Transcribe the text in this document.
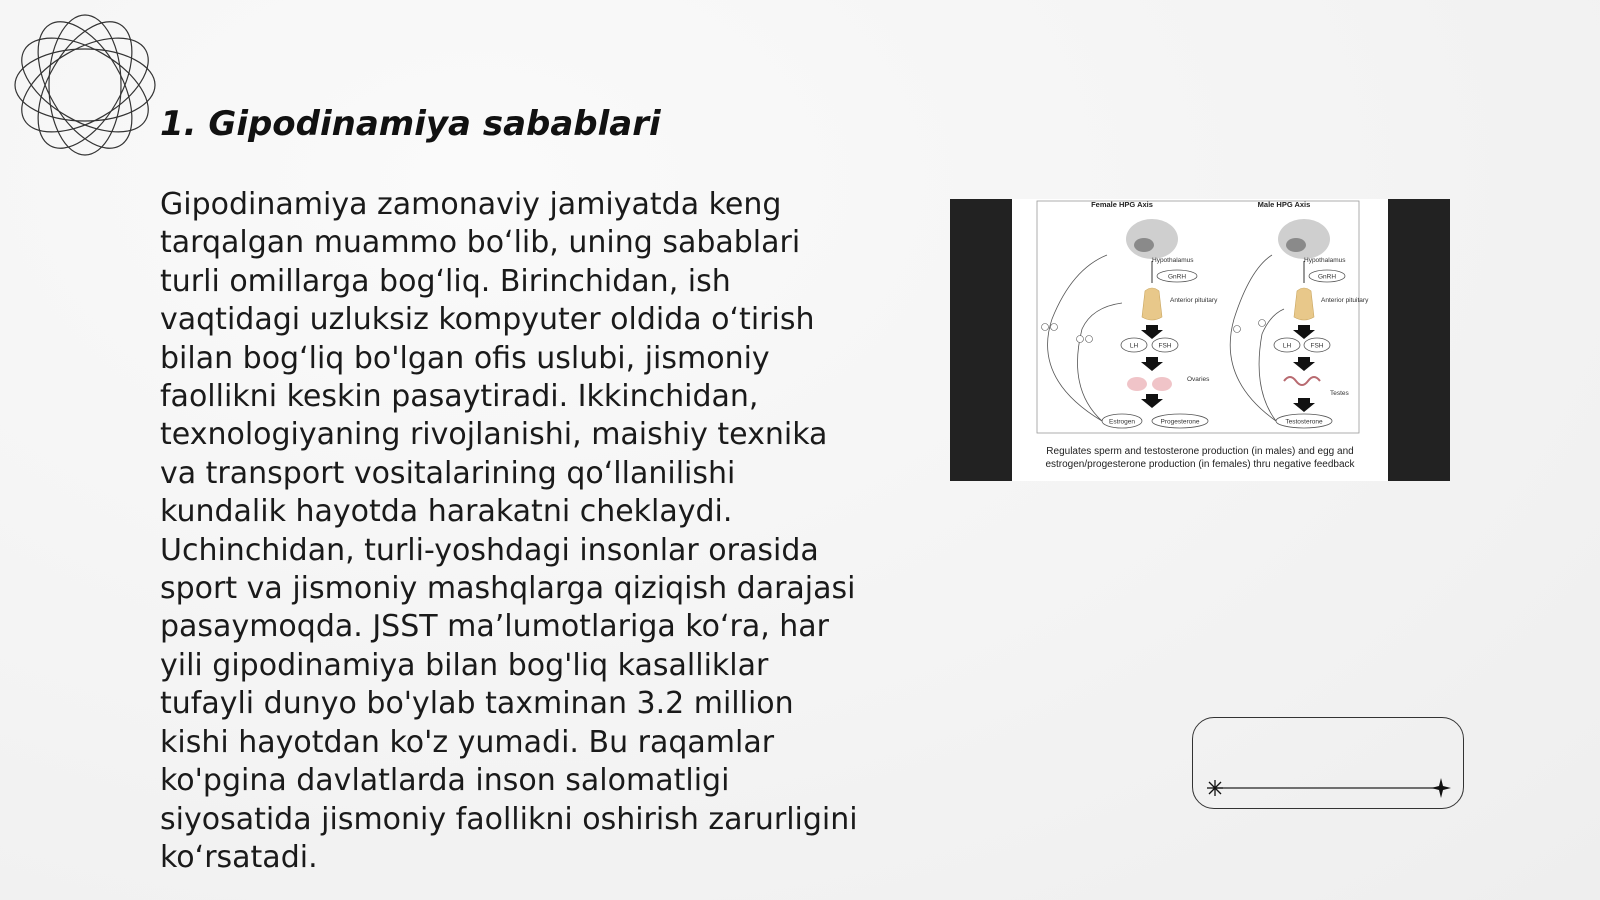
1. Gipodinamiya sabablari

Gipodinamiya zamonaviy jamiyatda keng tarqalgan muammo bo‘lib, uning sabablari turli omillarga bog‘liq. Birinchidan, ish vaqtidagi uzluksiz kompyuter oldida o‘tirish bilan bog‘liq bo'lgan ofis uslubi, jismoniy faollikni keskin pasaytiradi. Ikkinchidan, texnologiyaning rivojlanishi, maishiy texnika va transport vositalarining qo‘llanilishi kundalik hayotda harakatni cheklaydi. Uchinchidan, turli-yoshdagi insonlar orasida sport va jismoniy mashqlarga qiziqish darajasi pasaymoqda. JSST ma’lumotlariga ko‘ra, har yili gipodinamiya bilan bog'liq kasalliklar tufayli dunyo bo'ylab taxminan 3.2 million kishi hayotdan ko'z yumadi. Bu raqamlar ko'pgina davlatlarda inson salomatligi siyosatida jismoniy faollikni oshirish zarurligini ko‘rsatadi.

Female HPG Axis
Hypothalamus
GnRH
Anterior pituitary
LH	FSH
Ovaries
Estrogen	Progesterone
Male HPG Axis
Hypothalamus
GnRH
Anterior pituitary
LH	FSH
Testes
Testosterone
Regulates sperm and testosterone production (in males) and egg and estrogen/progesterone production (in females) thru negative feedback
